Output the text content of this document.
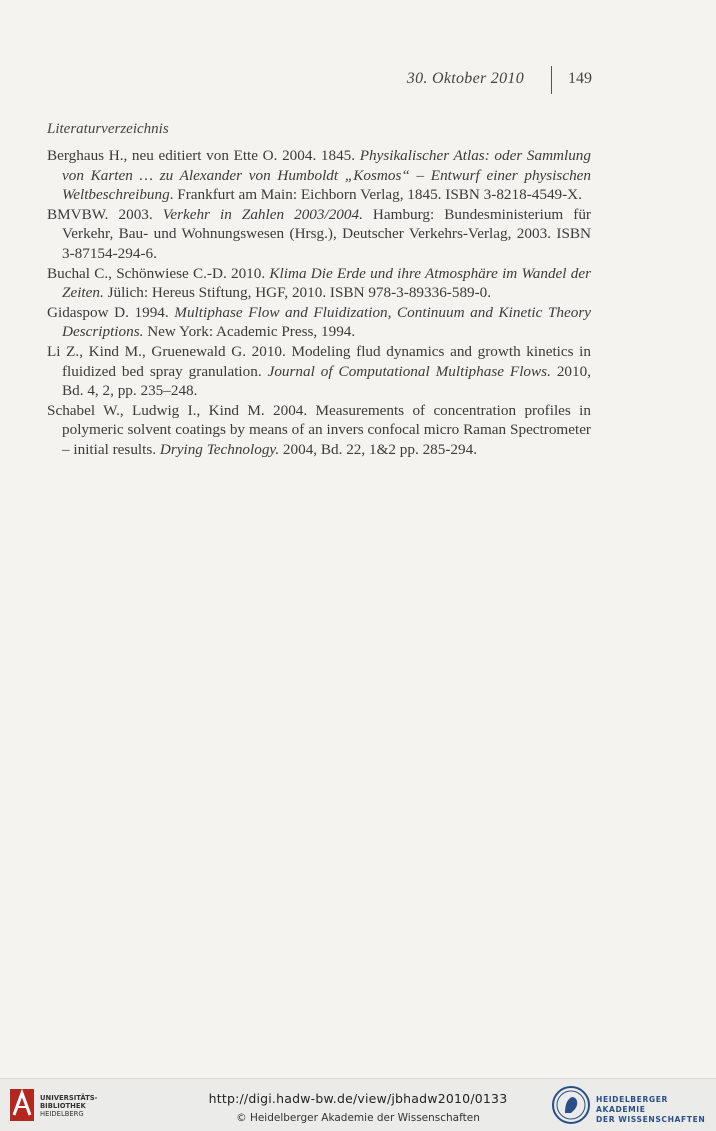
30. Oktober 2010	149
Literaturverzeichnis

Berghaus H., neu editiert von Ette O. 2004. 1845. Physikalischer Atlas: oder Sammlung von Karten … zu Alexander von Humboldt „Kosmos“ – Entwurf einer physischen Weltbeschreibung. Frankfurt am Main: Eichborn Verlag, 1845. ISBN 3-8218-4549-X.

BMVBW. 2003. Verkehr in Zahlen 2003/2004. Hamburg: Bundesministerium für Verkehr, Bau- und Wohnungswesen (Hrsg.), Deutscher Verkehrs-Verlag, 2003. ISBN 3-87154-294-6.

Buchal C., Schönwiese C.-D. 2010. Klima Die Erde und ihre Atmosphäre im Wandel der Zeiten. Jülich: Hereus Stiftung, HGF, 2010. ISBN 978-3-89336-589-0.

Gidaspow D. 1994. Multiphase Flow and Fluidization, Continuum and Kinetic Theory Descriptions. New York: Academic Press, 1994.

Li Z., Kind M., Gruenewald G. 2010. Modeling flud dynamics and growth kinetics in fluidized bed spray granulation. Journal of Computational Multiphase Flows. 2010, Bd. 4, 2, pp. 235–248.

Schabel W., Ludwig I., Kind M. 2004. Measurements of concentration profiles in polymeric solvent coatings by means of an invers confocal micro Raman Spectrometer – initial results. Drying Technology. 2004, Bd. 22, 1&2 pp. 285-294.

UNIVERSITÄTS-
BIBLIOTHEK
HEIDELBERG
http://digi.hadw-bw.de/view/jbhadw2010/0133
© Heidelberger Akademie der Wissenschaften
HEIDELBERGER AKADEMIE
DER WISSENSCHAFTEN
